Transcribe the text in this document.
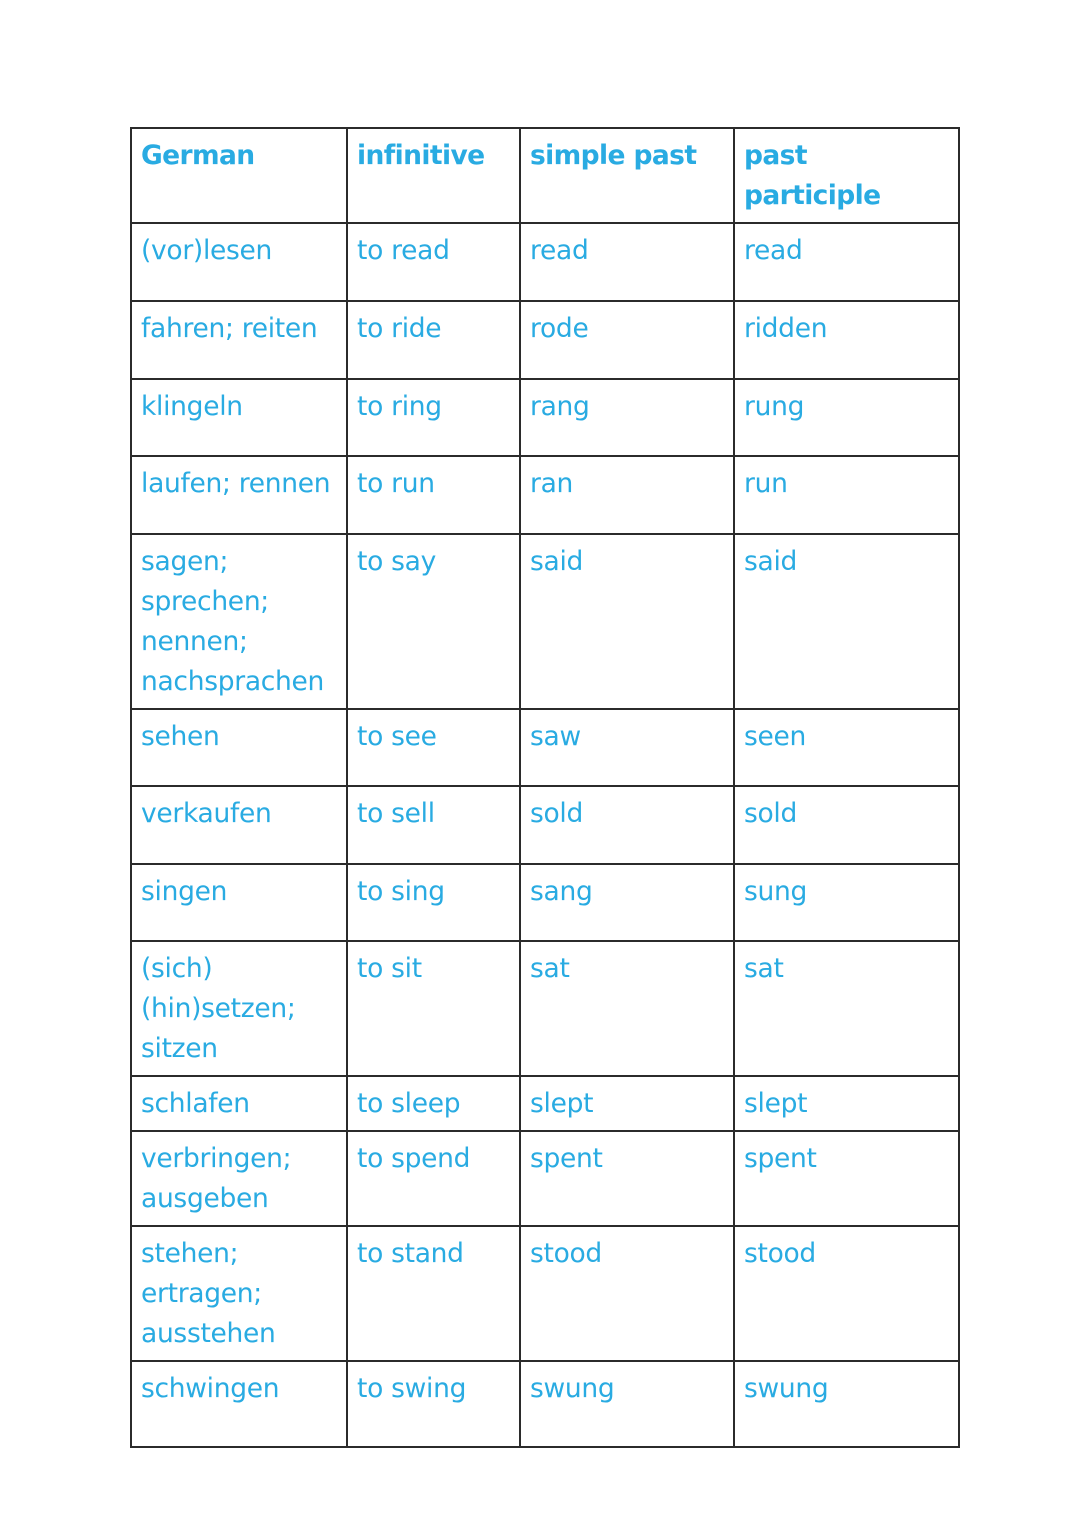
German	infinitive	simple past	past participle

(vor)lesen	to read	read	read

fahren; reiten	to ride	rode	ridden

klingeln	to ring	rang	rung

laufen; rennen	to run	ran	run

sagen;
sprechen;
nennen;
nachsprachen	to say	said	said

sehen	to see	saw	seen

verkaufen	to sell	sold	sold

singen	to sing	sang	sung

(sich)
(hin)setzen;
sitzen	to sit	sat	sat

schlafen	to sleep	slept	slept

verbringen;
ausgeben	to spend	spent	spent

stehen;
ertragen;
ausstehen	to stand	stood	stood

schwingen	to swing	swung	swung
